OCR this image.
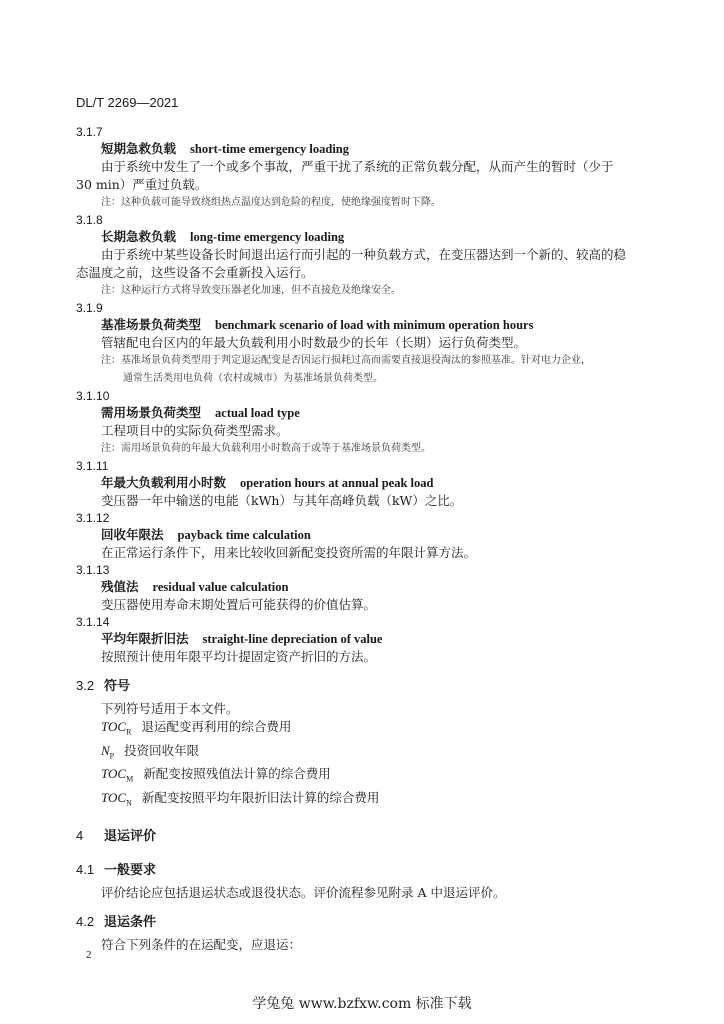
DL/T 2269—2021
3.1.7
短期急救负载 short-time emergency loading
由于系统中发生了一个或多个事故，严重干扰了系统的正常负载分配，从而产生的暂时（少于
30 min）严重过负载。
注：这种负载可能导致绕组热点温度达到危险的程度，使绝缘强度暂时下降。
3.1.8
长期急救负载 long-time emergency loading
由于系统中某些设备长时间退出运行而引起的一种负载方式，在变压器达到一个新的、较高的稳
态温度之前，这些设备不会重新投入运行。
注：这种运行方式将导致变压器老化加速，但不直接危及绝缘安全。
3.1.9
基准场景负荷类型 benchmark scenario of load with minimum operation hours
管辖配电台区内的年最大负载利用小时数最少的长年（长期）运行负荷类型。
注：基准场景负荷类型用于判定退运配变是否因运行损耗过高而需要直接退役淘汰的参照基准。针对电力企业，
通常生活类用电负荷（农村或城市）为基准场景负荷类型。
3.1.10
需用场景负荷类型 actual load type
工程项目中的实际负荷类型需求。
注：需用场景负荷的年最大负载利用小时数高于或等于基准场景负荷类型。
3.1.11
年最大负载利用小时数 operation hours at annual peak load
变压器一年中输送的电能（kWh）与其年高峰负载（kW）之比。
3.1.12
回收年限法 payback time calculation
在正常运行条件下，用来比较收回新配变投资所需的年限计算方法。
3.1.13
残值法 residual value calculation
变压器使用寿命末期处置后可能获得的价值估算。
3.1.14
平均年限折旧法 straight-line depreciation of value
按照预计使用年限平均计提固定资产折旧的方法。
3.2 符号
下列符号适用于本文件。
$TOC_R$ 退运配变再利用的综合费用
$N_P$ 投资回收年限
$TOC_M$ 新配变按照残值法计算的综合费用
$TOC_N$ 新配变按照平均年限折旧法计算的综合费用
4 退运评价
4.1 一般要求
评价结论应包括退运状态或退役状态。评价流程参见附录 A 中退运评价。
4.2 退运条件
符合下列条件的在运配变，应退运：
2
学兔兔 www.bzfxw.com 标准下载
